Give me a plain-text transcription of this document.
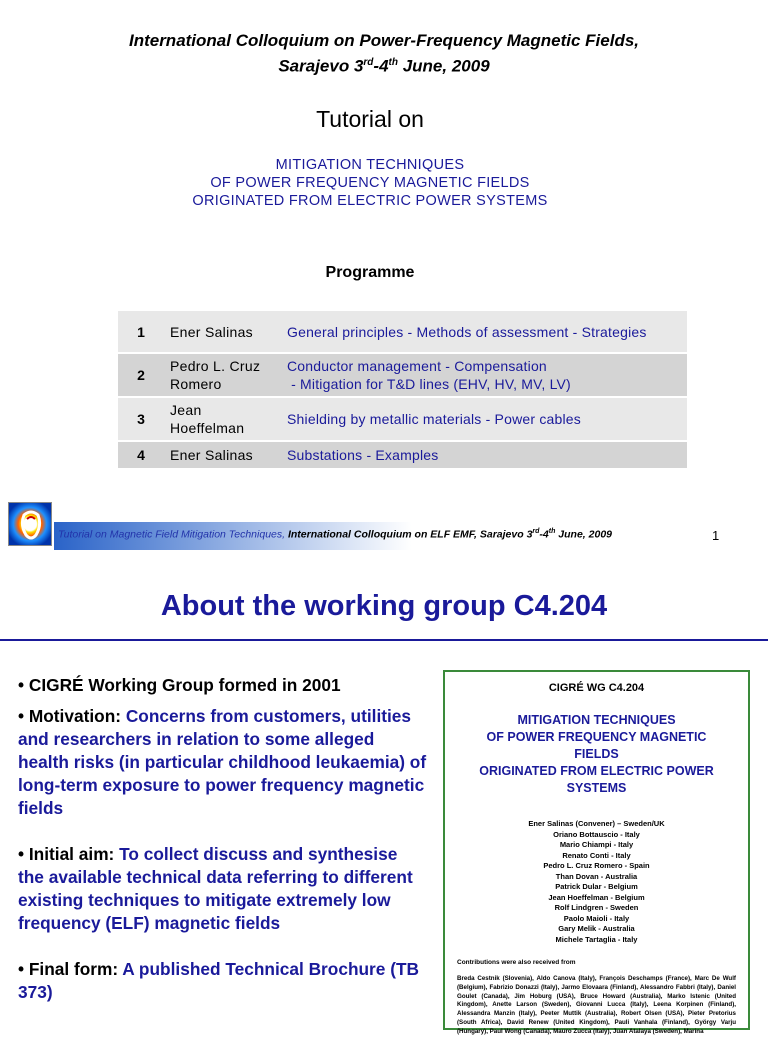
International Colloquium on Power-Frequency Magnetic Fields,
Sarajevo 3rd-4th June, 2009
Tutorial on
MITIGATION TECHNIQUES
OF POWER FREQUENCY MAGNETIC FIELDS
ORIGINATED FROM ELECTRIC POWER SYSTEMS
Programme
1	Ener Salinas	General principles - Methods of assessment - Strategies
2	Pedro L. Cruz Romero	Conductor management - Compensation
- Mitigation for T&D lines (EHV, HV, MV, LV)

3	Jean Hoeffelman	Shielding by metallic materials - Power cables
4	Ener Salinas	Substations - Examples
Tutorial on Magnetic Field Mitigation Techniques, International Colloquium on ELF EMF, Sarajevo 3rd-4th June, 2009	1
About the working group C4.204

• CIGRÉ Working Group formed in 2001

• Motivation: Concerns from customers, utilities and researchers in relation to some alleged health risks (in particular childhood leukaemia) of long-term exposure to power frequency magnetic fields

• Initial aim: To collect discuss and synthesise the available technical data referring to different existing techniques to mitigate extremely low frequency (ELF) magnetic fields

• Final form: A published Technical Brochure (TB 373)

CIGRÉ WG C4.204
MITIGATION TECHNIQUES
OF POWER FREQUENCY MAGNETIC
FIELDS
ORIGINATED FROM ELECTRIC POWER
SYSTEMS
Ener Salinas (Convener) – Sweden/UK
Oriano Bottauscio - Italy
Mario Chiampi - Italy
Renato Conti - Italy
Pedro L. Cruz Romero - Spain
Than Dovan - Australia
Patrick Dular - Belgium
Jean Hoeffelman - Belgium
Rolf Lindgren - Sweden
Paolo Maioli - Italy
Gary Melik - Australia
Michele Tartaglia - Italy
Contributions were also received from
Breda Cestnik (Slovenia), Aldo Canova (Italy), François Deschamps (France), Marc De Wulf (Belgium), Fabrizio Donazzi (Italy), Jarmo Elovaara (Finland), Alessandro Fabbri (Italy), Daniel Goulet (Canada), Jim Hoburg (USA), Bruce Howard (Australia), Marko Istenic (United Kingdom), Anette Larson (Sweden), Giovanni Lucca (Italy), Leena Korpinen (Finland), Alessandra Manzin (Italy), Peeter Muttik (Australia), Robert Olsen (USA), Pieter Pretorius (South Africa), David Renew (United Kingdom), Pauli Vanhala (Finland), György Varju (Hungary), Paul Wong (Canada), Mauro Zucca (Italy), Juan Atalaya (Sweden), Marina
